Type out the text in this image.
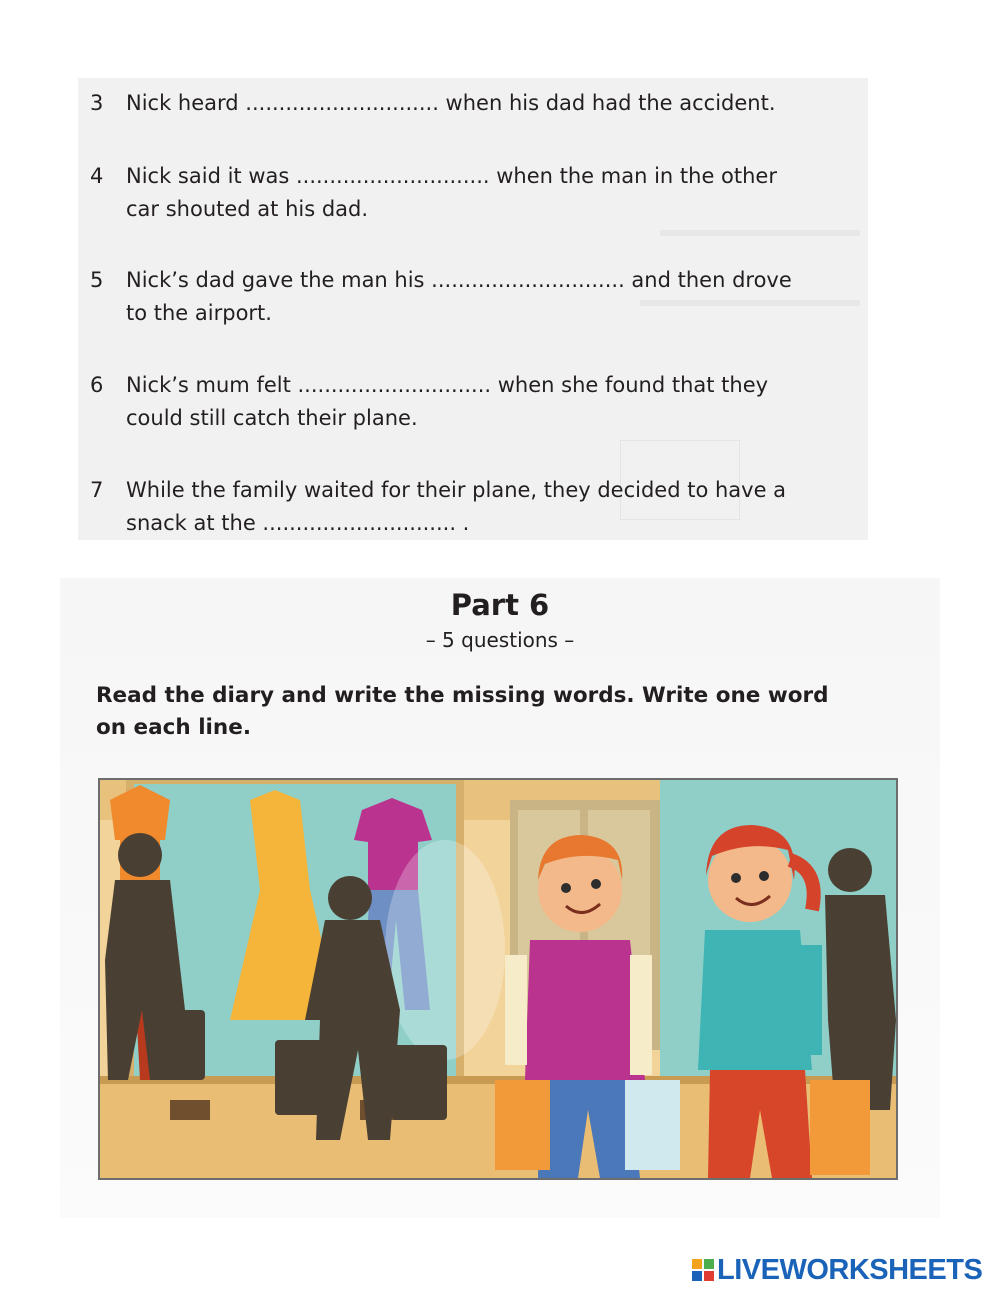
3	Nick heard ............................. when his dad had the accident.
4	Nick said it was ............................. when the man in the other
car shouted at his dad.
5	Nick’s dad gave the man his ............................. and then drove
to the airport.
6	Nick’s mum felt ............................. when she found that they
could still catch their plane.
7	While the family waited for their plane, they decided to have a
snack at the ............................. .
Part 6
– 5 questions –
Read the diary and write the missing words. Write one word on each line.
LIVEWORKSHEETS
